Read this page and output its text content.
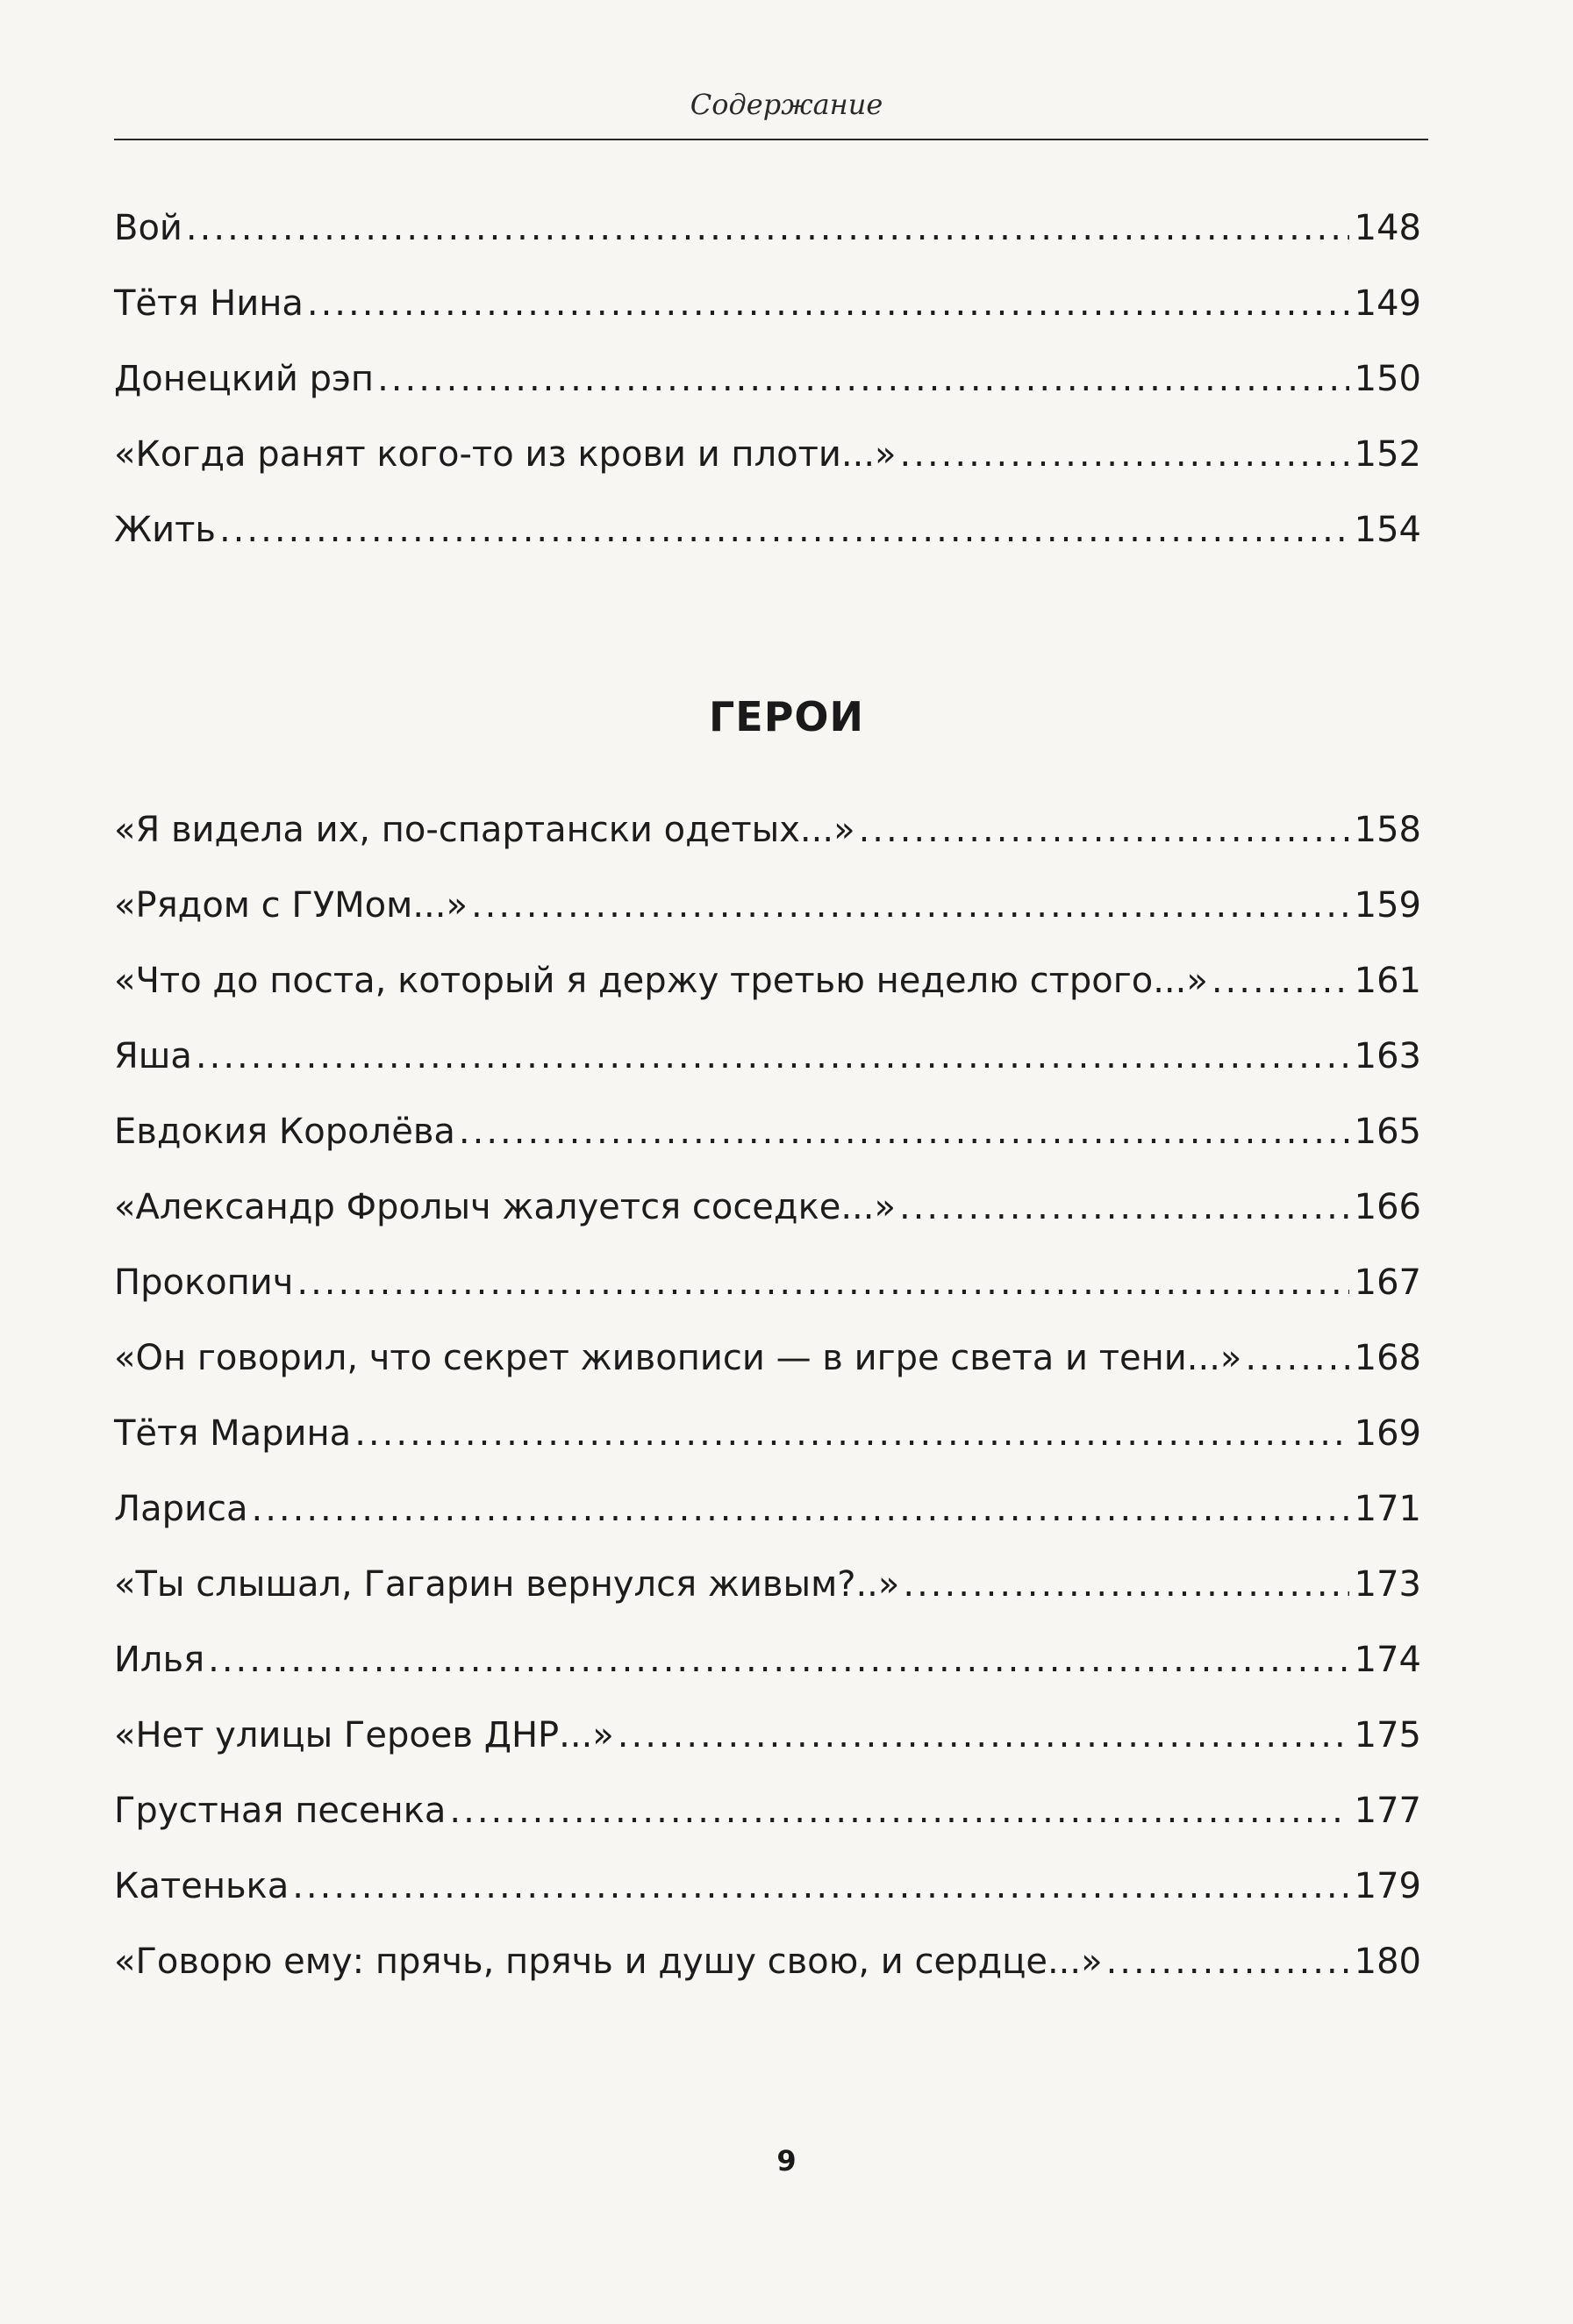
Содержание
Вой .....	148
Тётя Нина .....	149
Донецкий рэп .....	150
«Когда ранят кого-то из крови и плоти...» .....	152
Жить .....	154
ГЕРОИ
«Я видела их, по-спартански одетых...» .....	158
«Рядом с ГУМом...» .....	159
«Что до поста, который я держу третью неделю строго...» .....	161
Яша .....	163
Евдокия Королёва .....	165
«Александр Фролыч жалуется соседке...» .....	166
Прокопич .....	167
«Он говорил, что секрет живописи — в игре света и тени...» .....	168
Тётя Марина .....	169
Лариса .....	171
«Ты слышал, Гагарин вернулся живым?..» .....	173
Илья .....	174
«Нет улицы Героев ДНР...» .....	175
Грустная песенка .....	177
Катенька .....	179
«Говорю ему: прячь, прячь и душу свою, и сердце...» .....	180
9
